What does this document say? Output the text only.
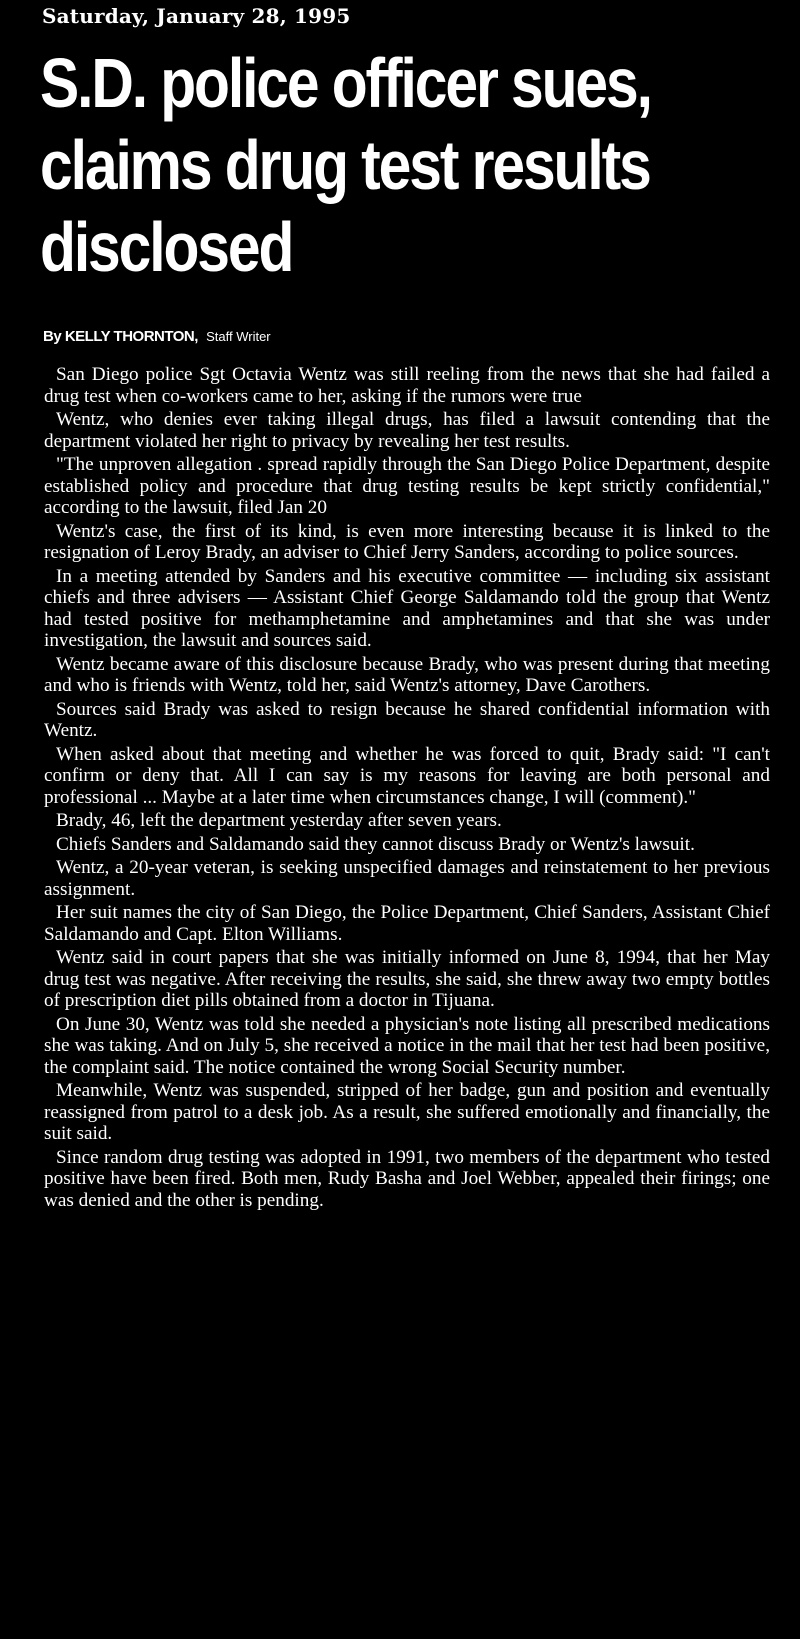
Saturday, January 28, 1995
S.D. police officer sues,
claims drug test results
disclosed
By KELLY THORNTON, Staff Writer

San Diego police Sgt Octavia Wentz was still reeling from the news that she had failed a drug test when co-workers came to her, asking if the rumors were true

Wentz, who denies ever taking illegal drugs, has filed a lawsuit contending that the department violated her right to privacy by revealing her test results.

"The unproven allegation . spread rapidly through the San Diego Police Department, despite established policy and procedure that drug testing results be kept strictly confidential," according to the lawsuit, filed Jan 20

Wentz's case, the first of its kind, is even more interesting because it is linked to the resignation of Leroy Brady, an adviser to Chief Jerry Sanders, according to police sources.

In a meeting attended by Sanders and his executive committee — including six assistant chiefs and three advisers — Assistant Chief George Saldamando told the group that Wentz had tested positive for methamphetamine and amphetamines and that she was under investigation, the lawsuit and sources said.

Wentz became aware of this disclosure because Brady, who was present during that meeting and who is friends with Wentz, told her, said Wentz's attorney, Dave Carothers.

Sources said Brady was asked to resign because he shared confidential information with Wentz.

When asked about that meeting and whether he was forced to quit, Brady said: "I can't confirm or deny that. All I can say is my reasons for leaving are both personal and professional ... Maybe at a later time when circumstances change, I will (comment)."

Brady, 46, left the department yesterday after seven years.

Chiefs Sanders and Saldamando said they cannot discuss Brady or Wentz's lawsuit.

Wentz, a 20-year veteran, is seeking unspecified damages and reinstatement to her previous assignment.

Her suit names the city of San Diego, the Police Department, Chief Sanders, Assistant Chief Saldamando and Capt. Elton Williams.

Wentz said in court papers that she was initially informed on June 8, 1994, that her May drug test was negative. After receiving the results, she said, she threw away two empty bottles of prescription diet pills obtained from a doctor in Tijuana.

On June 30, Wentz was told she needed a physician's note listing all prescribed medications she was taking. And on July 5, she received a notice in the mail that her test had been positive, the complaint said. The notice contained the wrong Social Security number.

Meanwhile, Wentz was suspended, stripped of her badge, gun and position and eventually reassigned from patrol to a desk job. As a result, she suffered emotionally and financially, the suit said.

Since random drug testing was adopted in 1991, two members of the department who tested positive have been fired. Both men, Rudy Basha and Joel Webber, appealed their firings; one was denied and the other is pending.
